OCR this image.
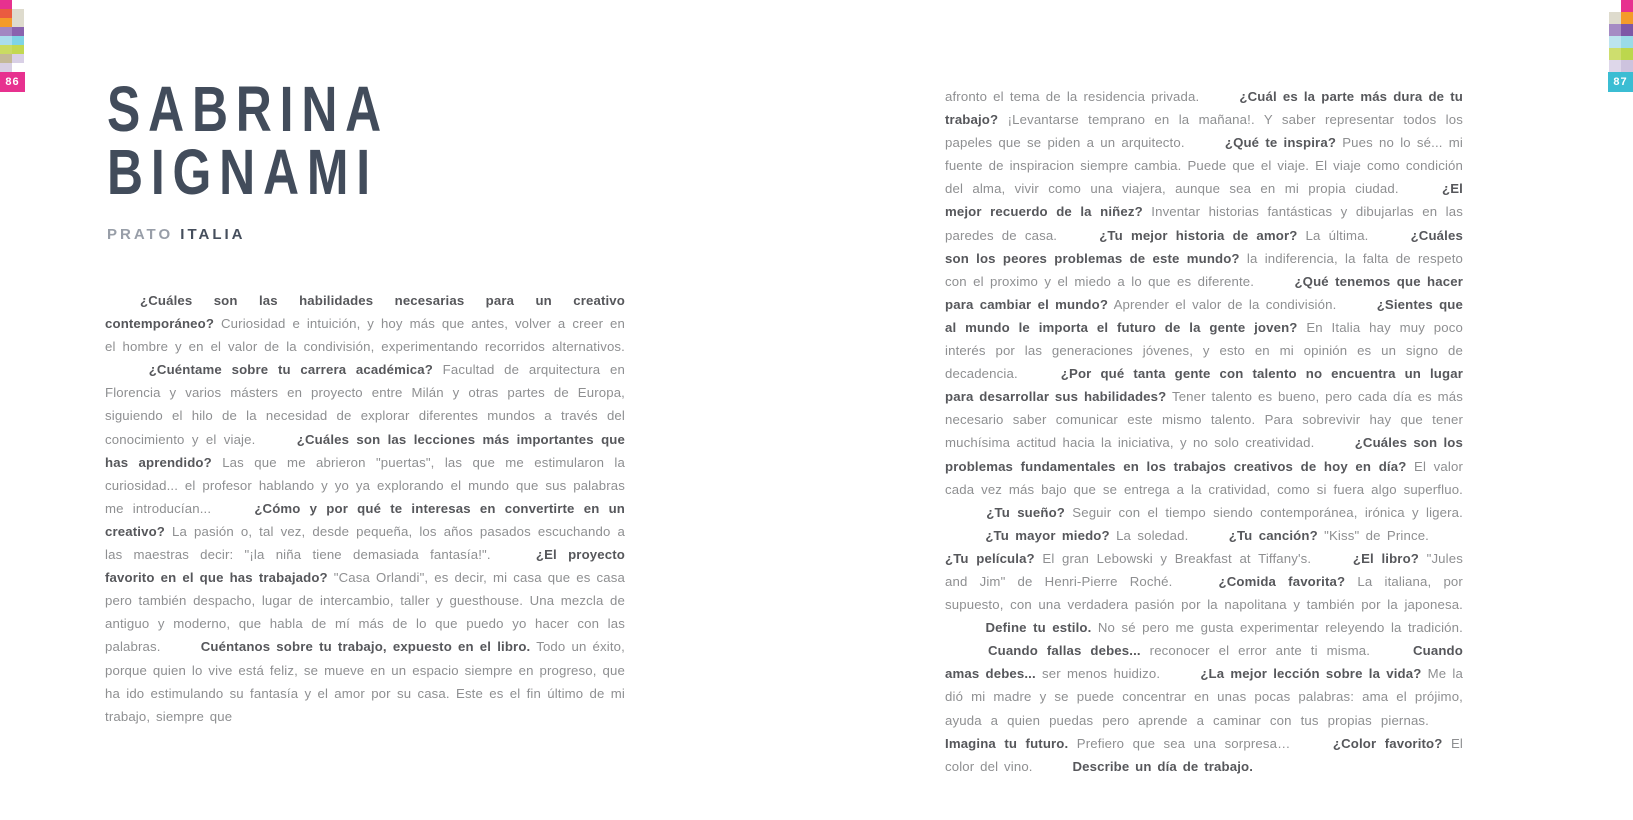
86	87
SABRINA
BIGNAMI
PRATO ITALIA
¿Cuáles son las habilidades necesarias para un creativo contemporáneo? Curiosidad e intuición, y hoy más que antes, volver a creer en el hombre y en el valor de la condivisión, experimentando recorridos alternativos. ¿Cuéntame sobre tu carrera académica? Facultad de arquitectura en Florencia y varios másters en proyecto entre Milán y otras partes de Europa, siguiendo el hilo de la necesidad de explorar diferentes mundos a través del conocimiento y el viaje.	¿Cuáles son las lecciones más importantes que has aprendido? Las que me abrieron "puertas", las que me estimularon la curiosidad... el profesor hablando y yo ya explorando el mundo que sus palabras me introducían...	¿Cómo y por qué te interesas en convertirte en un creativo? La pasión o, tal vez, desde pequeña, los años pasados escuchando a las maestras decir: "¡la niña tiene demasiada fantasía!".	¿El proyecto favorito en el que has trabajado? "Casa Orlandi", es decir, mi casa que es casa pero también despacho, lugar de intercambio, taller y guesthouse. Una mezcla de antiguo y moderno, que habla de mí más de lo que puedo yo hacer con las palabras.	Cuéntanos sobre tu trabajo, expuesto en el libro. Todo un éxito, porque quien lo vive está feliz, se mueve en un espacio siempre en progreso, que ha ido estimulando su fantasía y el amor por su casa. Este es el fin último de mi trabajo, siempre que
afronto el tema de la residencia privada.	¿Cuál es la parte más dura de tu trabajo? ¡Levantarse temprano en la mañana!. Y saber representar todos los papeles que se piden a un arquitecto.	¿Qué te inspira? Pues no lo sé... mi fuente de inspiracion siempre cambia. Puede que el viaje. El viaje como condición del alma, vivir como una viajera, aunque sea en mi propia ciudad.	¿El mejor recuerdo de la niñez? Inventar historias fantásticas y dibujarlas en las paredes de casa.	¿Tu mejor historia de amor? La última.	¿Cuáles son los peores problemas de este mundo? la indiferencia, la falta de respeto con el proximo y el miedo a lo que es diferente.	¿Qué tenemos que hacer para cambiar el mundo? Aprender el valor de la condivisión.	¿Sientes que al mundo le importa el futuro de la gente joven? En Italia hay muy poco interés por las generaciones jóvenes, y esto en mi opinión es un signo de decadencia.	¿Por qué tanta gente con talento no encuentra un lugar para desarrollar sus habilidades? Tener talento es bueno, pero cada día es más necesario saber comunicar este mismo talento. Para sobrevivir hay que tener muchísima actitud hacia la iniciativa, y no solo creatividad.	¿Cuáles son los problemas fundamentales en los trabajos creativos de hoy en día? El valor cada vez más bajo que se entrega a la cratividad, como si fuera algo superfluo. ¿Tu sueño? Seguir con el tiempo siendo contemporánea, irónica y ligera. ¿Tu mayor miedo? La soledad.	¿Tu canción? "Kiss" de Prince. ¿Tu película? El gran Lebowski y Breakfast at Tiffany's.	¿El libro? "Jules and Jim" de Henri-Pierre Roché.	¿Comida favorita? La italiana, por supuesto, con una verdadera pasión por la napolitana y también por la japonesa. Define tu estilo. No sé pero me gusta experimentar releyendo la tradición. Cuando fallas debes... reconocer el error ante ti misma.	Cuando amas debes... ser menos huidizo.	¿La mejor lección sobre la vida? Me la dió mi madre y se puede concentrar en unas pocas palabras: ama el prójimo, ayuda a quien puedas pero aprende a caminar con tus propias piernas. Imagina tu futuro. Prefiero que sea una sorpresa…	¿Color favorito? El color del vino.	Describe un día de trabajo.
